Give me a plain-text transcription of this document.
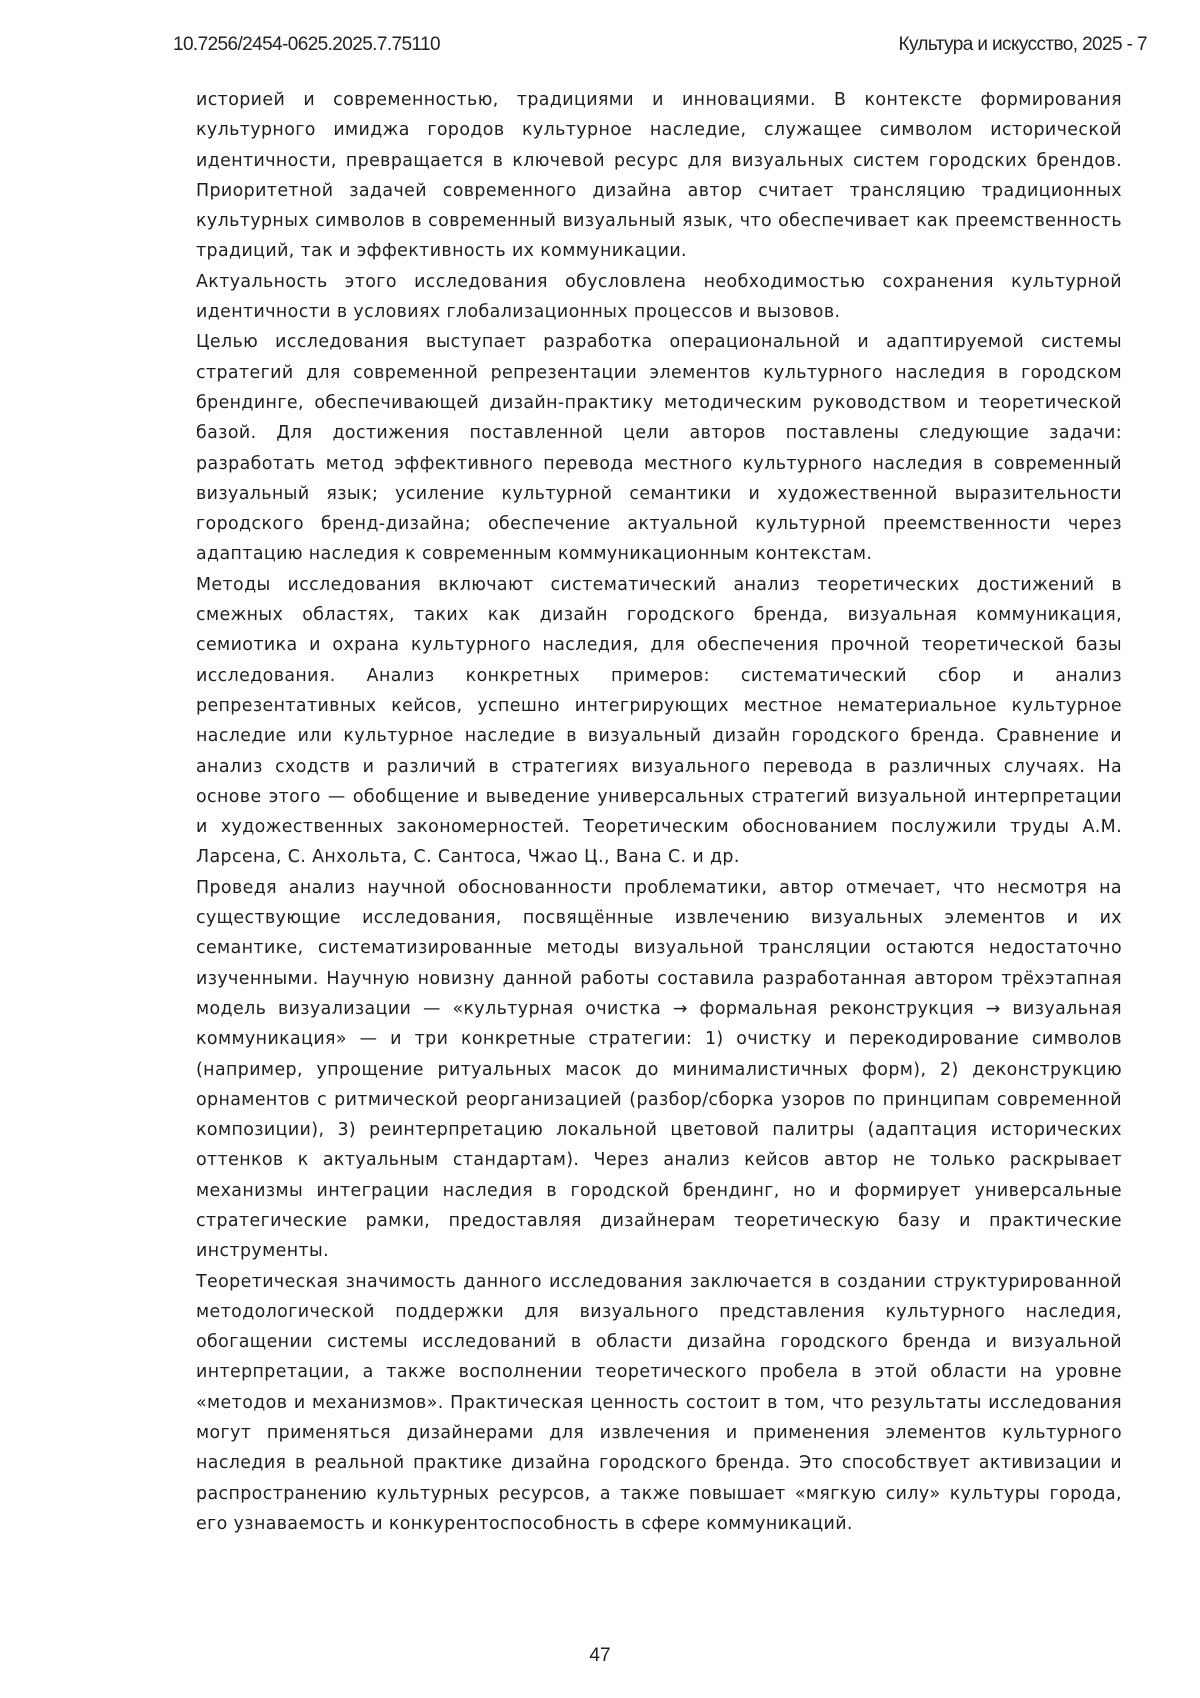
10.7256/2454-0625.2025.7.75110	Культура и искусство, 2025 - 7

историей и современностью, традициями и инновациями. В контексте формирования культурного имиджа городов культурное наследие, служащее символом исторической идентичности, превращается в ключевой ресурс для визуальных систем городских брендов. Приоритетной задачей современного дизайна автор считает трансляцию традиционных культурных символов в современный визуальный язык, что обеспечивает как преемственность традиций, так и эффективность их коммуникации.

Актуальность этого исследования обусловлена необходимостью сохранения культурной идентичности в условиях глобализационных процессов и вызовов.

Целью исследования выступает разработка операциональной и адаптируемой системы стратегий для современной репрезентации элементов культурного наследия в городском брендинге, обеспечивающей дизайн-практику методическим руководством и теоретической базой. Для достижения поставленной цели авторов поставлены следующие задачи: разработать метод эффективного перевода местного культурного наследия в современный визуальный язык; усиление культурной семантики и художественной выразительности городского бренд-дизайна; обеспечение актуальной культурной преемственности через адаптацию наследия к современным коммуникационным контекстам.

Методы исследования включают систематический анализ теоретических достижений в смежных областях, таких как дизайн городского бренда, визуальная коммуникация, семиотика и охрана культурного наследия, для обеспечения прочной теоретической базы исследования. Анализ конкретных примеров: систематический сбор и анализ репрезентативных кейсов, успешно интегрирующих местное нематериальное культурное наследие или культурное наследие в визуальный дизайн городского бренда. Сравнение и анализ сходств и различий в стратегиях визуального перевода в различных случаях. На основе этого — обобщение и выведение универсальных стратегий визуальной интерпретации и художественных закономерностей. Теоретическим обоснованием послужили труды А.М. Ларсена, С. Анхольта, С. Сантоса, Чжао Ц., Вана С. и др.

Проведя анализ научной обоснованности проблематики, автор отмечает, что несмотря на существующие исследования, посвящённые извлечению визуальных элементов и их семантике, систематизированные методы визуальной трансляции остаются недостаточно изученными. Научную новизну данной работы составила разработанная автором трёхэтапная модель визуализации — «культурная очистка → формальная реконструкция → визуальная коммуникация» — и три конкретные стратегии: 1) очистку и перекодирование символов (например, упрощение ритуальных масок до минималистичных форм), 2) деконструкцию орнаментов с ритмической реорганизацией (разбор/сборка узоров по принципам современной композиции), 3) реинтерпретацию локальной цветовой палитры (адаптация исторических оттенков к актуальным стандартам). Через анализ кейсов автор не только раскрывает механизмы интеграции наследия в городской брендинг, но и формирует универсальные стратегические рамки, предоставляя дизайнерам теоретическую базу и практические инструменты.

Теоретическая значимость данного исследования заключается в создании структурированной методологической поддержки для визуального представления культурного наследия, обогащении системы исследований в области дизайна городского бренда и визуальной интерпретации, а также восполнении теоретического пробела в этой области на уровне «методов и механизмов». Практическая ценность состоит в том, что результаты исследования могут применяться дизайнерами для извлечения и применения элементов культурного наследия в реальной практике дизайна городского бренда. Это способствует активизации и распространению культурных ресурсов, а также повышает «мягкую силу» культуры города, его узнаваемость и конкурентоспособность в сфере коммуникаций.

47
